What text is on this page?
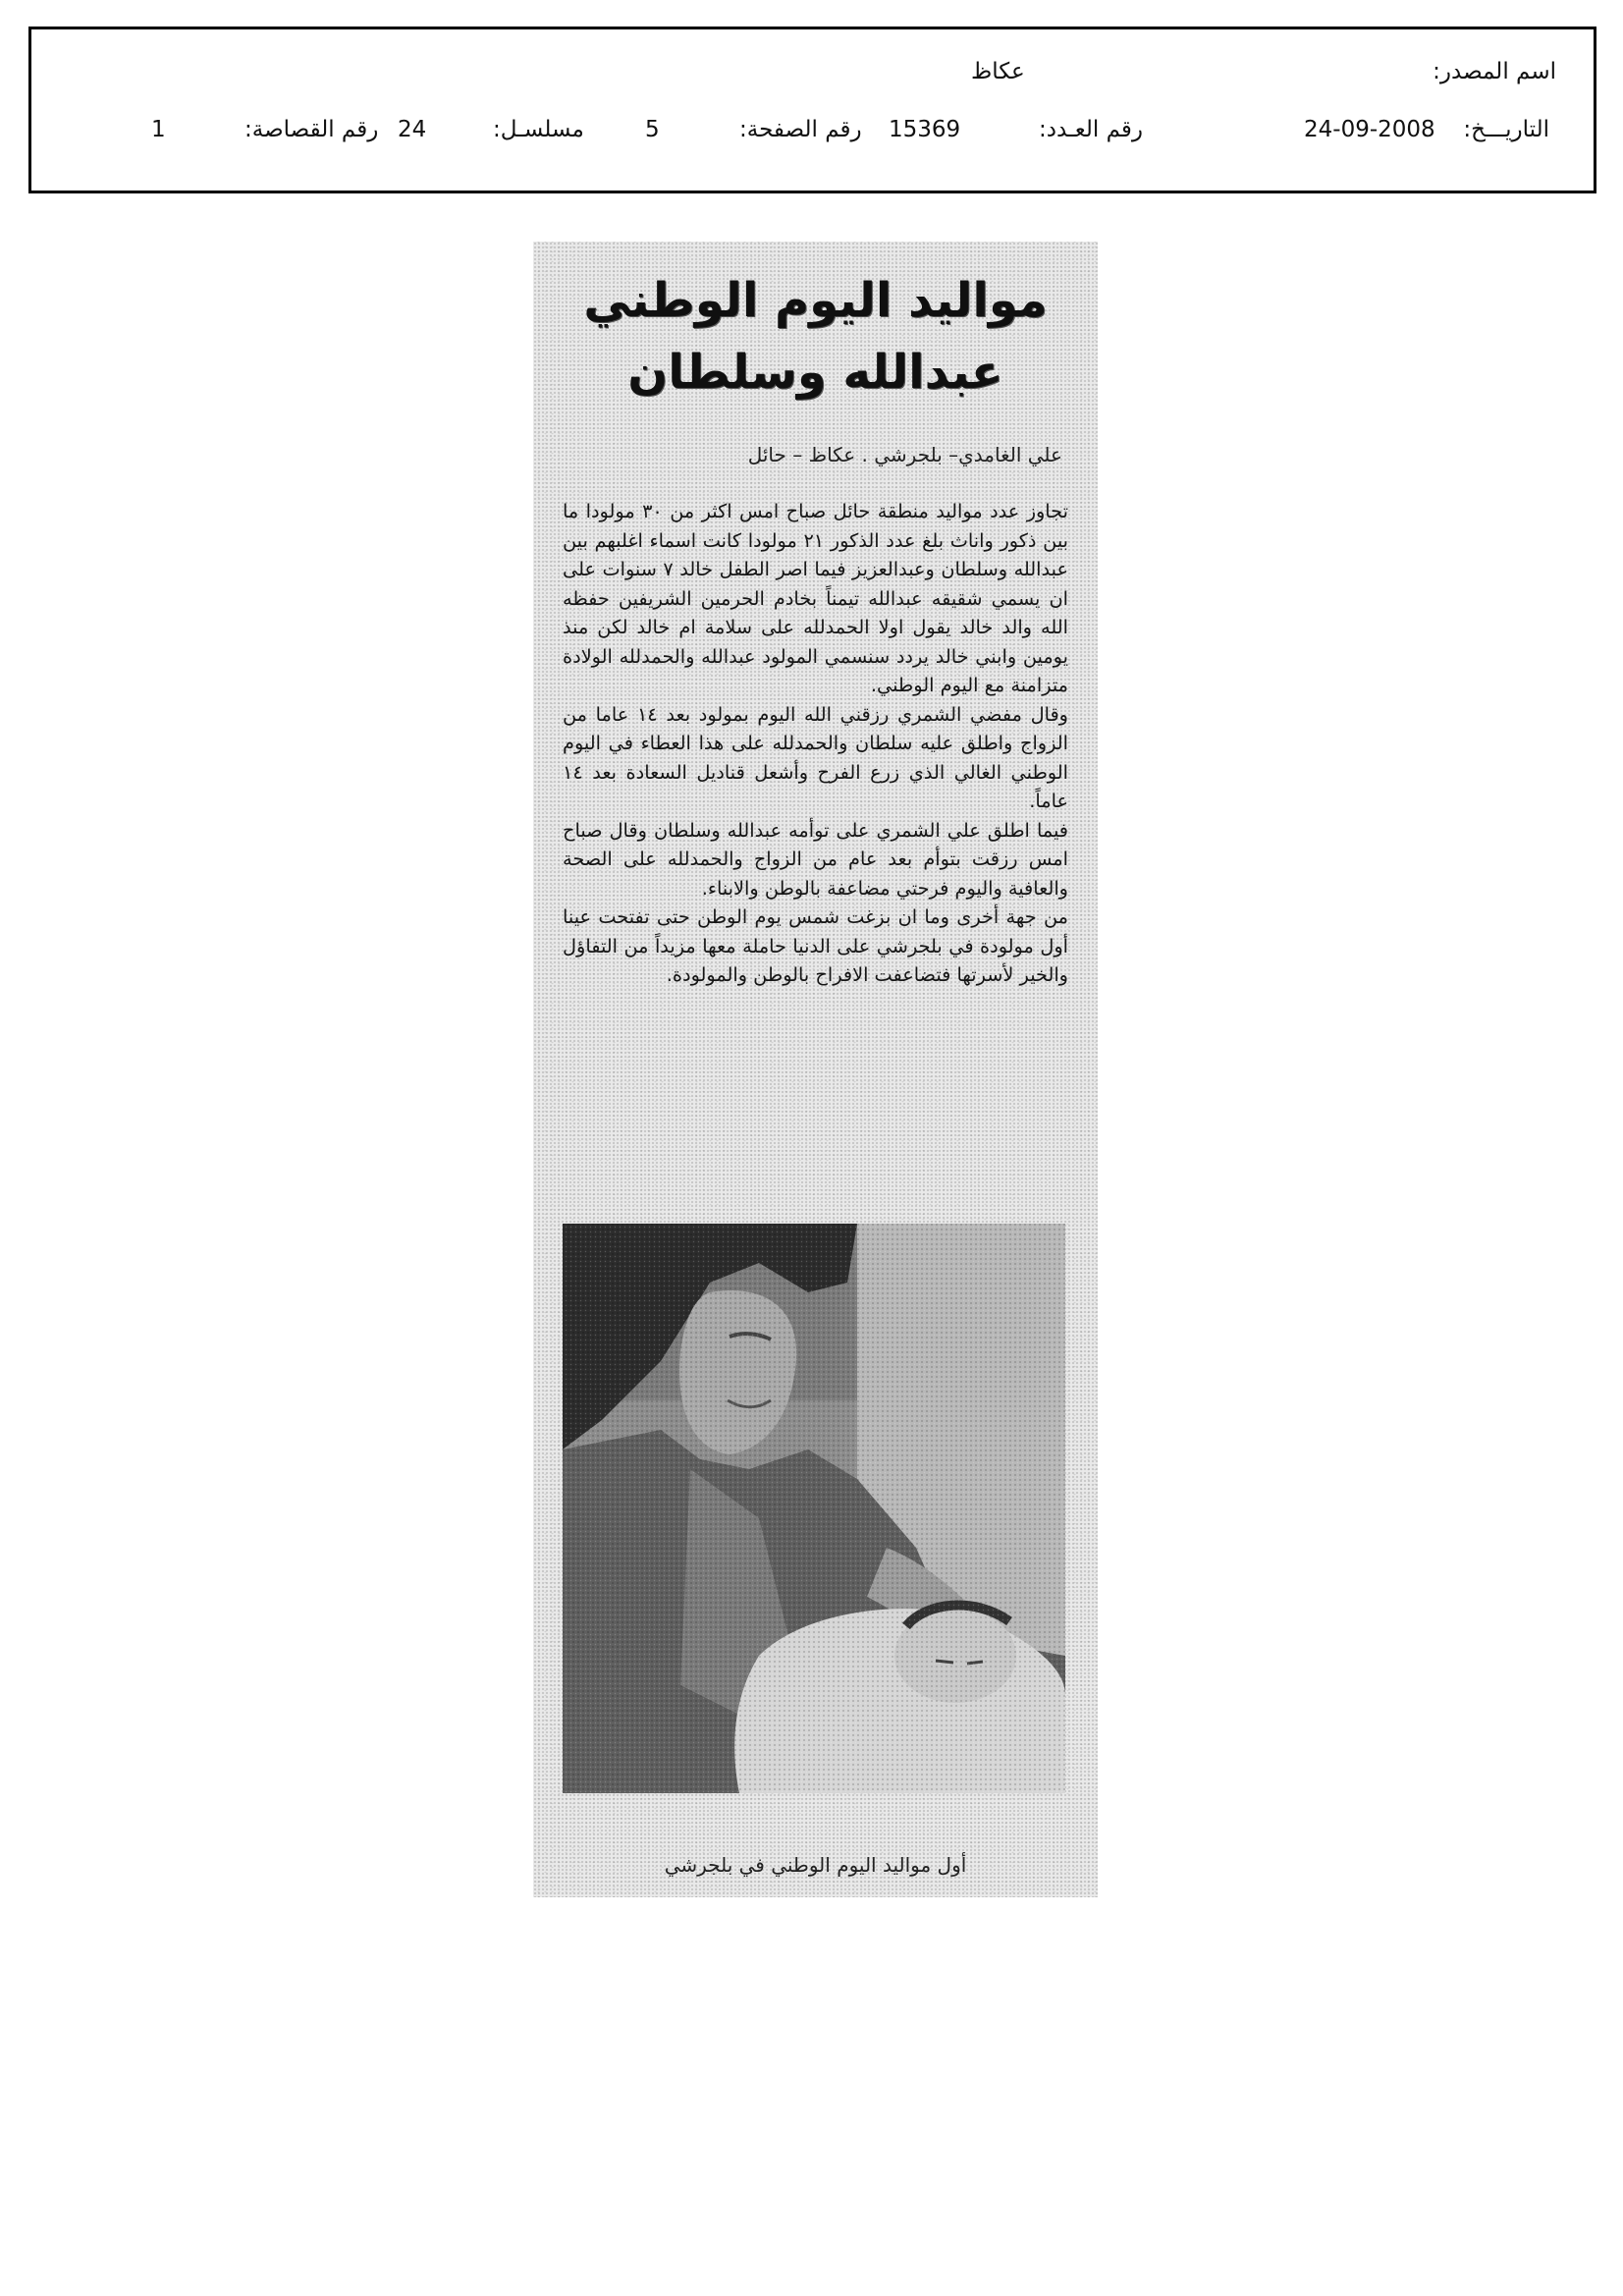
اسم المصدر:
عكاظ
التاريـــخ:
24-09-2008
رقم العـدد:
15369
رقم الصفحة:
5
مسلسـل:
24
رقم القصاصة:
1
مواليد اليوم الوطني
عبدالله وسلطان
علي الغامدي– بلجرشي . عكاظ – حائل

تجاوز عدد مواليد منطقة حائل صباح امس اكثر من ٣٠ مولودا ما بين ذكور واناث بلغ عدد الذكور ٢١ مولودا كانت اسماء اغلبهم بين عبدالله وسلطان وعبدالعزيز فيما اصر الطفل خالد ٧ سنوات على ان يسمي شقيقه عبدالله تيمناً بخادم الحرمين الشريفين حفظه الله والد خالد يقول اولا الحمدلله على سلامة ام خالد لكن منذ يومين وابني خالد يردد سنسمي المولود عبدالله والحمدلله الولادة متزامنة مع اليوم الوطني.

وقال مفضي الشمري رزقني الله اليوم بمولود بعد ١٤ عاما من الزواج واطلق عليه سلطان والحمدلله على هذا العطاء في اليوم الوطني الغالي الذي زرع الفرح وأشعل قناديل السعادة بعد ١٤ عاماً.

فيما اطلق علي الشمري على توأمه عبدالله وسلطان وقال صباح امس رزقت بتوأم بعد عام من الزواج والحمدلله على الصحة والعافية واليوم فرحتي مضاعفة بالوطن والابناء.

من جهة أخرى وما ان بزغت شمس يوم الوطن حتى تفتحت عينا أول مولودة في بلجرشي على الدنيا حاملة معها مزيداً من التفاؤل والخير لأسرتها فتضاعفت الافراح بالوطن والمولودة.

أول مواليد اليوم الوطني في بلجرشي
